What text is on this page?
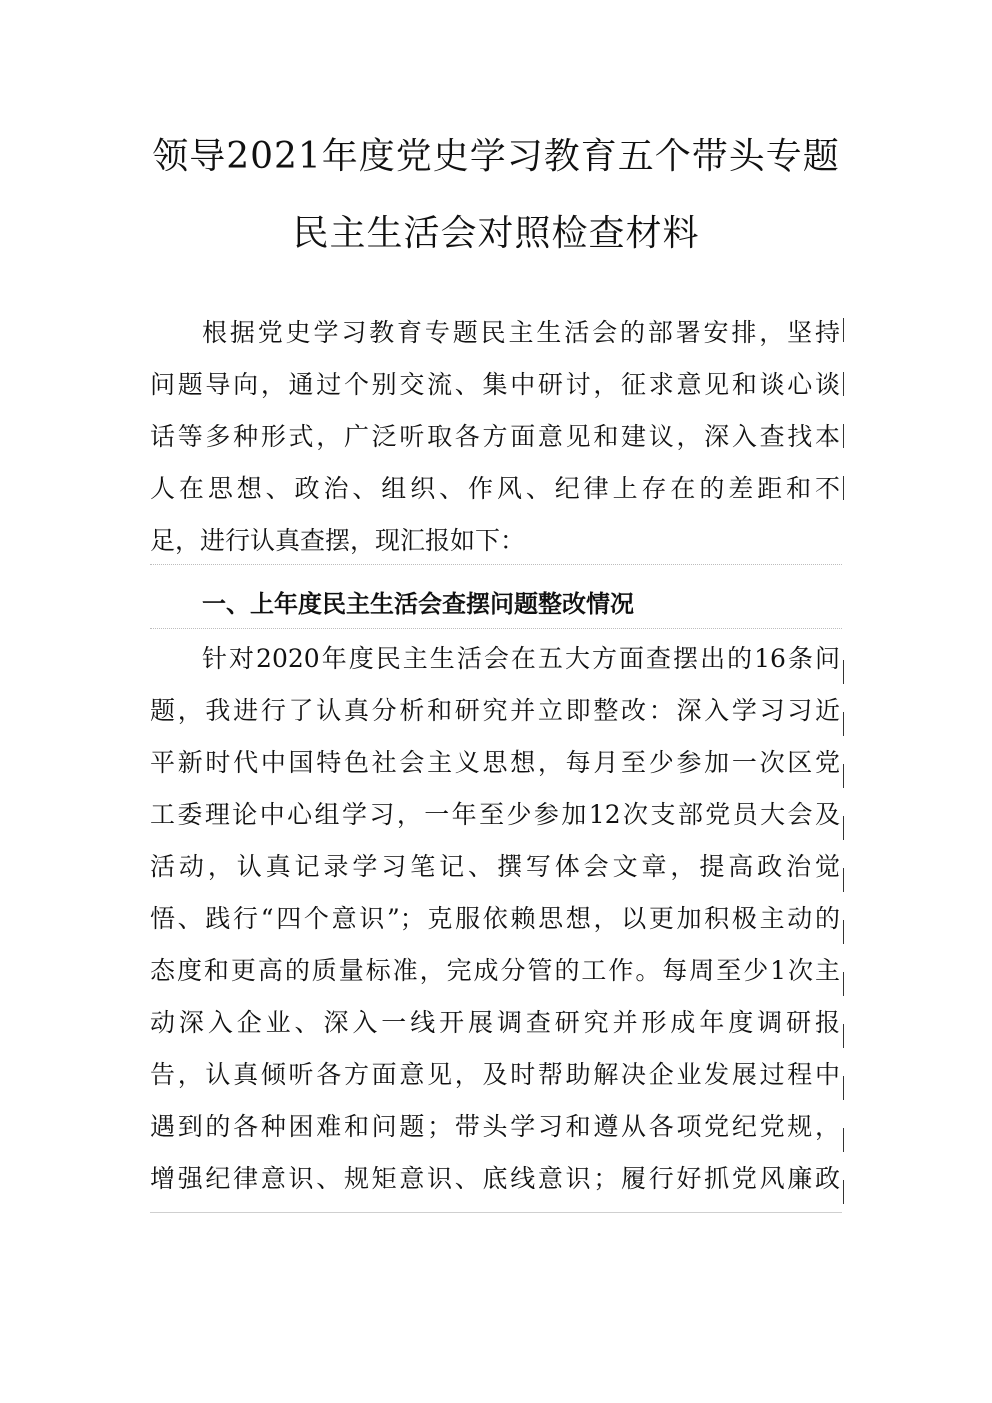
领导2021年度党史学习教育五个带头专题
民主生活会对照检查材料
根据党史学习教育专题民主生活会的部署安排，坚持
问题导向，通过个别交流、集中研讨，征求意见和谈心谈
话等多种形式，广泛听取各方面意见和建议，深入查找本
人在思想、政治、组织、作风、纪律上存在的差距和不
足，进行认真查摆，现汇报如下：
一、上年度民主生活会查摆问题整改情况
针对2020年度民主生活会在五大方面查摆出的16条问
题，我进行了认真分析和研究并立即整改：深入学习习近
平新时代中国特色社会主义思想，每月至少参加一次区党
工委理论中心组学习，一年至少参加12次支部党员大会及
活动，认真记录学习笔记、撰写体会文章，提高政治觉
悟、践行“四个意识”；克服依赖思想，以更加积极主动的
态度和更高的质量标准，完成分管的工作。每周至少1次主
动深入企业、深入一线开展调查研究并形成年度调研报
告，认真倾听各方面意见，及时帮助解决企业发展过程中
遇到的各种困难和问题；带头学习和遵从各项党纪党规，
增强纪律意识、规矩意识、底线意识；履行好抓党风廉政
